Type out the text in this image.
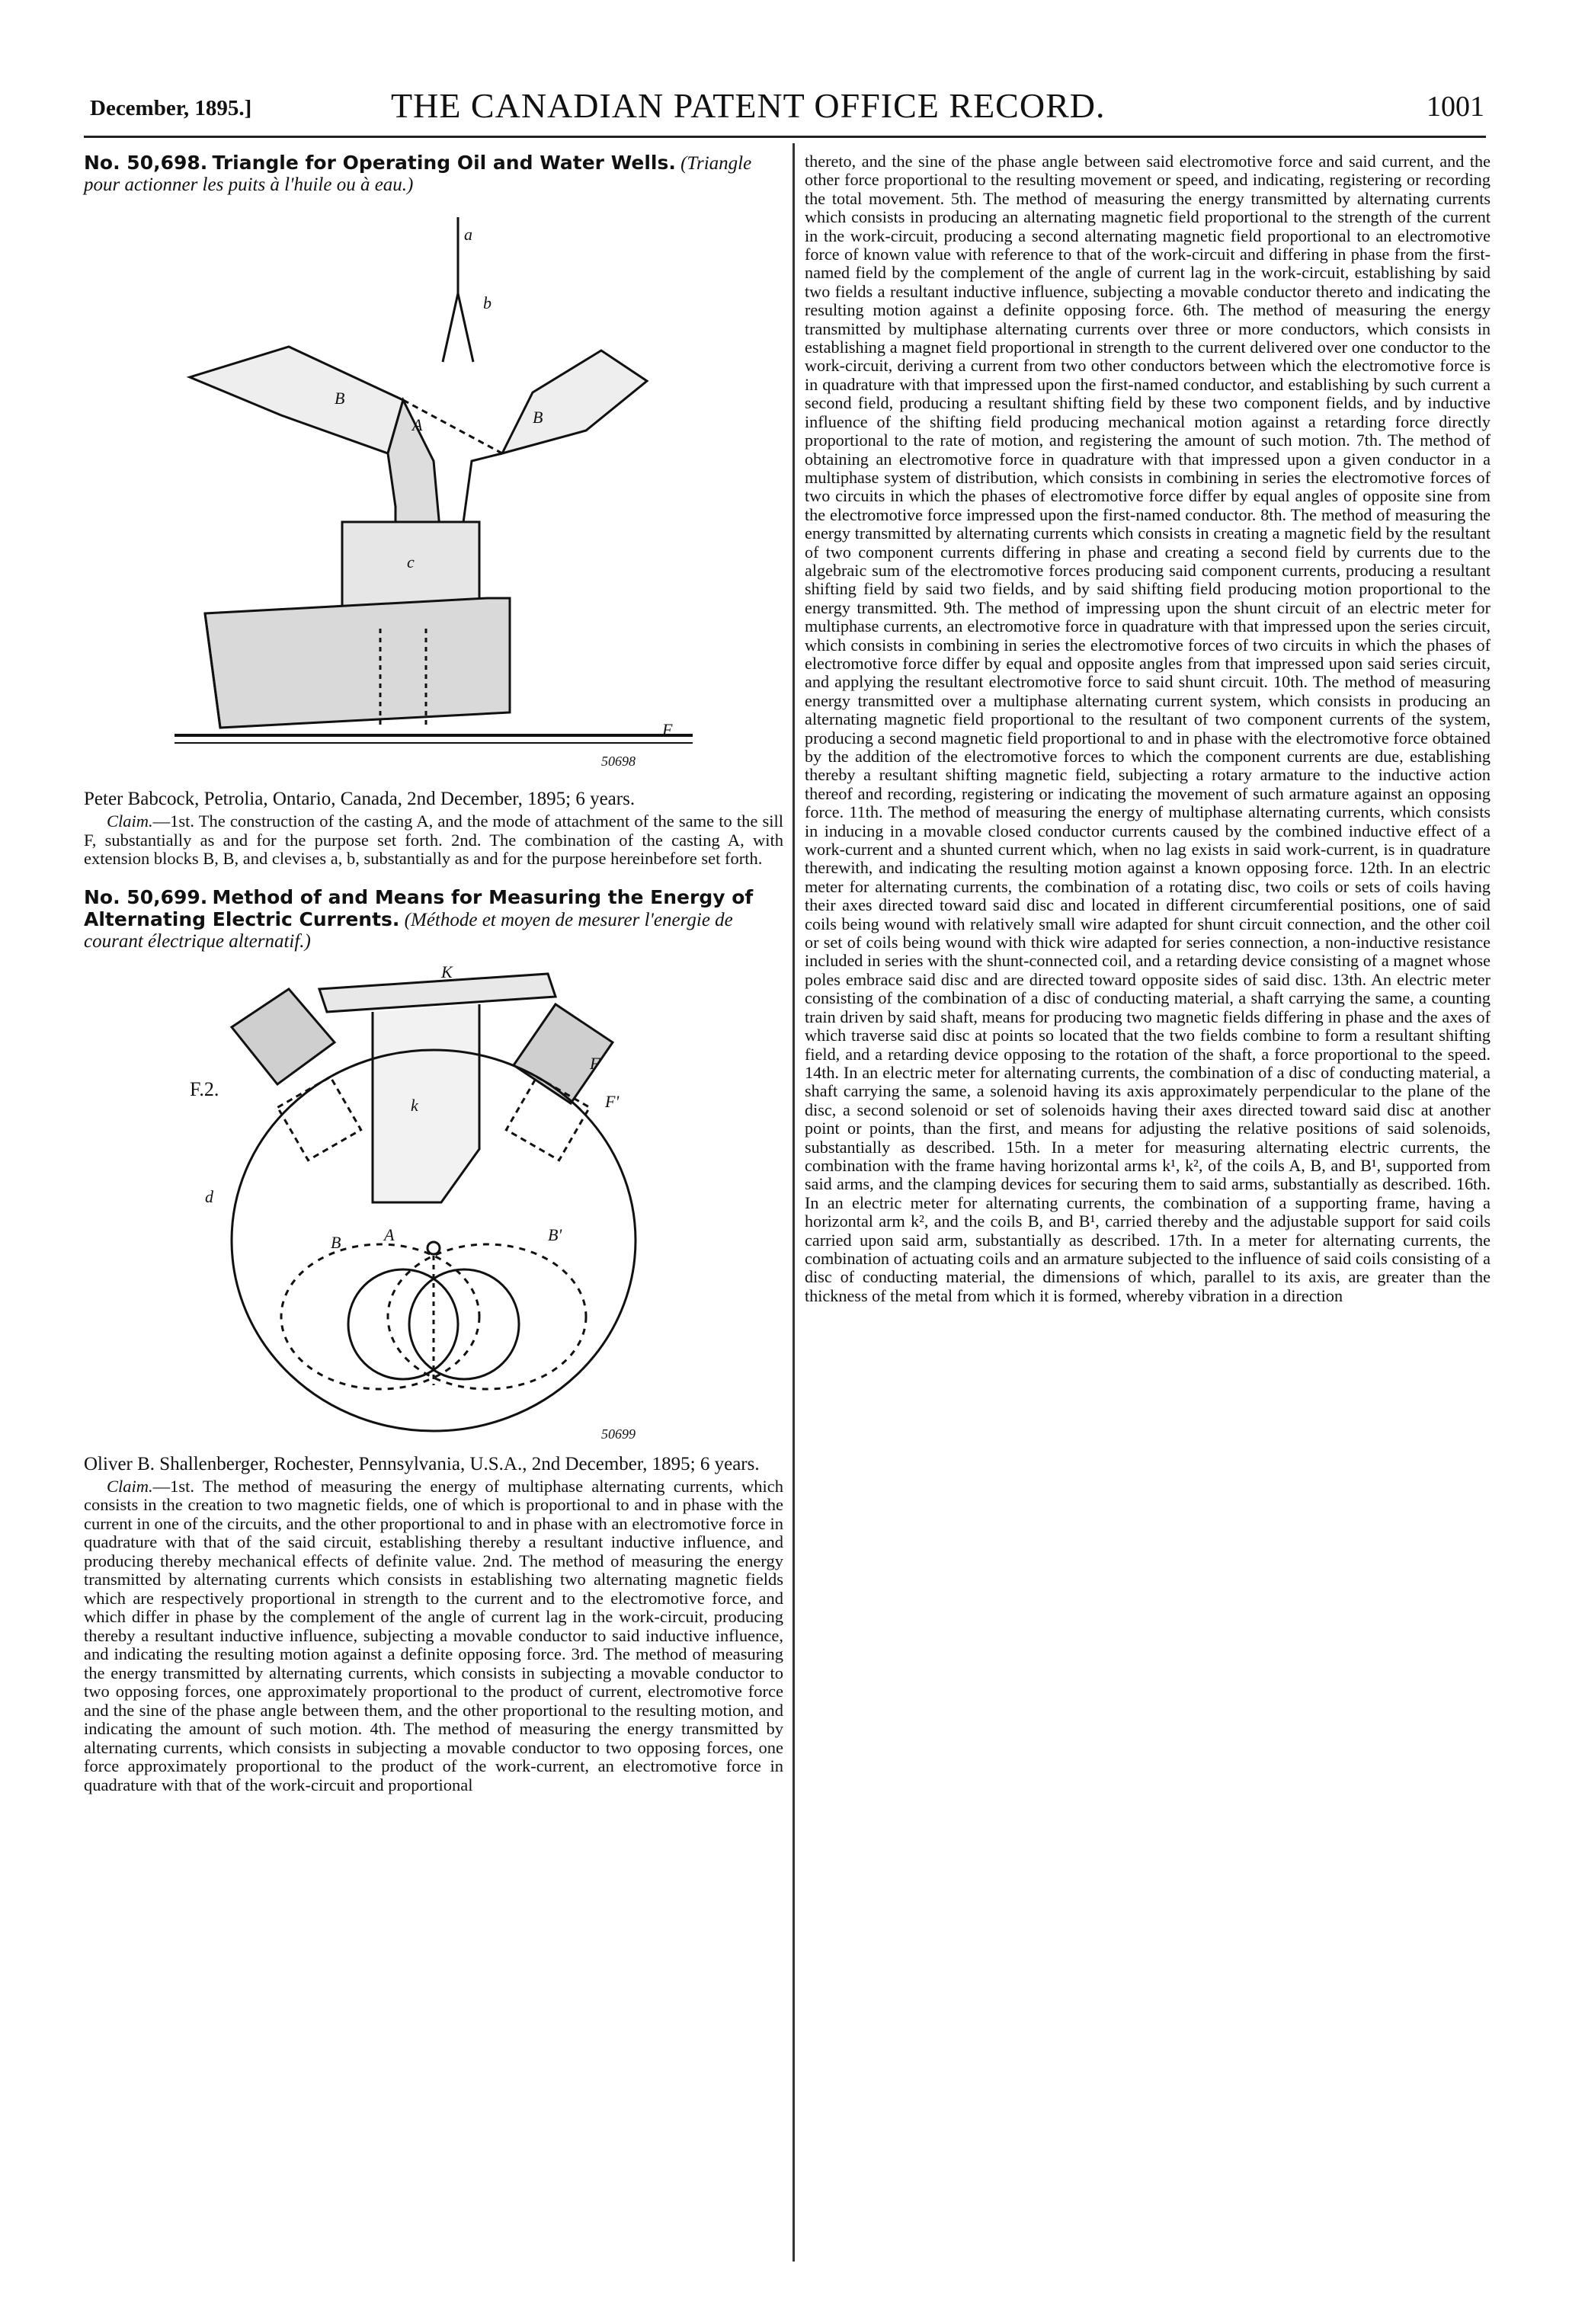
December, 1895.]	THE CANADIAN PATENT OFFICE RECORD.	1001

No. 50,698. Triangle for Operating Oil and Water Wells. (Triangle pour actionner les puits à l'huile ou à eau.)

a
b
B
A	B
c
F
50698

Peter Babcock, Petrolia, Ontario, Canada, 2nd December, 1895; 6 years.

Claim.—1st. The construction of the casting A, and the mode of attachment of the same to the sill F, substantially as and for the purpose set forth. 2nd. The combination of the casting A, with extension blocks B, B, and clevises a, b, substantially as and for the purpose hereinbefore set forth.

No. 50,699. Method of and Means for Measuring the Energy of Alternating Electric Currents. (Méthode et moyen de mesurer l'energie de courant électrique alternatif.)

K
k
F
F'
F.2.
B	A	B'
d
50699

Oliver B. Shallenberger, Rochester, Pennsylvania, U.S.A., 2nd December, 1895; 6 years.

Claim.—1st. The method of measuring the energy of multiphase alternating currents, which consists in the creation to two magnetic fields, one of which is proportional to and in phase with the current in one of the circuits, and the other proportional to and in phase with an electromotive force in quadrature with that of the said circuit, establishing thereby a resultant inductive influence, and producing thereby mechanical effects of definite value. 2nd. The method of measuring the energy transmitted by alternating currents which consists in establishing two alternating magnetic fields which are respectively proportional in strength to the current and to the electromotive force, and which differ in phase by the complement of the angle of current lag in the work-circuit, producing thereby a resultant inductive influence, subjecting a movable conductor to said inductive influence, and indicating the resulting motion against a definite opposing force. 3rd. The method of measuring the energy transmitted by alternating currents, which consists in subjecting a movable conductor to two opposing forces, one approximately proportional to the product of current, electromotive force and the sine of the phase angle between them, and the other proportional to the resulting motion, and indicating the amount of such motion. 4th. The method of measuring the energy transmitted by alternating currents, which consists in subjecting a movable conductor to two opposing forces, one force approximately proportional to the product of the work-current, an electromotive force in quadrature with that of the work-circuit and proportional

thereto, and the sine of the phase angle between said electromotive force and said current, and the other force proportional to the resulting movement or speed, and indicating, registering or recording the total movement. 5th. The method of measuring the energy transmitted by alternating currents which consists in producing an alternating magnetic field proportional to the strength of the current in the work-circuit, producing a second alternating magnetic field proportional to an electromotive force of known value with reference to that of the work-circuit and differing in phase from the first-named field by the complement of the angle of current lag in the work-circuit, establishing by said two fields a resultant inductive influence, subjecting a movable conductor thereto and indicating the resulting motion against a definite opposing force. 6th. The method of measuring the energy transmitted by multiphase alternating currents over three or more conductors, which consists in establishing a magnet field proportional in strength to the current delivered over one conductor to the work-circuit, deriving a current from two other conductors between which the electromotive force is in quadrature with that impressed upon the first-named conductor, and establishing by such current a second field, producing a resultant shifting field by these two component fields, and by inductive influence of the shifting field producing mechanical motion against a retarding force directly proportional to the rate of motion, and registering the amount of such motion. 7th. The method of obtaining an electromotive force in quadrature with that impressed upon a given conductor in a multiphase system of distribution, which consists in combining in series the electromotive forces of two circuits in which the phases of electromotive force differ by equal angles of opposite sine from the electromotive force impressed upon the first-named conductor. 8th. The method of measuring the energy transmitted by alternating currents which consists in creating a magnetic field by the resultant of two component currents differing in phase and creating a second field by currents due to the algebraic sum of the electromotive forces producing said component currents, producing a resultant shifting field by said two fields, and by said shifting field producing motion proportional to the energy transmitted. 9th. The method of impressing upon the shunt circuit of an electric meter for multiphase currents, an electromotive force in quadrature with that impressed upon the series circuit, which consists in combining in series the electromotive forces of two circuits in which the phases of electromotive force differ by equal and opposite angles from that impressed upon said series circuit, and applying the resultant electromotive force to said shunt circuit. 10th. The method of measuring energy transmitted over a multiphase alternating current system, which consists in producing an alternating magnetic field proportional to the resultant of two component currents of the system, producing a second magnetic field proportional to and in phase with the electromotive force obtained by the addition of the electromotive forces to which the component currents are due, establishing thereby a resultant shifting magnetic field, subjecting a rotary armature to the inductive action thereof and recording, registering or indicating the movement of such armature against an opposing force. 11th. The method of measuring the energy of multiphase alternating currents, which consists in inducing in a movable closed conductor currents caused by the combined inductive effect of a work-current and a shunted current which, when no lag exists in said work-current, is in quadrature therewith, and indicating the resulting motion against a known opposing force. 12th. In an electric meter for alternating currents, the combination of a rotating disc, two coils or sets of coils having their axes directed toward said disc and located in different circumferential positions, one of said coils being wound with relatively small wire adapted for shunt circuit connection, and the other coil or set of coils being wound with thick wire adapted for series connection, a non-inductive resistance included in series with the shunt-connected coil, and a retarding device consisting of a magnet whose poles embrace said disc and are directed toward opposite sides of said disc. 13th. An electric meter consisting of the combination of a disc of conducting material, a shaft carrying the same, a counting train driven by said shaft, means for producing two magnetic fields differing in phase and the axes of which traverse said disc at points so located that the two fields combine to form a resultant shifting field, and a retarding device opposing to the rotation of the shaft, a force proportional to the speed. 14th. In an electric meter for alternating currents, the combination of a disc of conducting material, a shaft carrying the same, a solenoid having its axis approximately perpendicular to the plane of the disc, a second solenoid or set of solenoids having their axes directed toward said disc at another point or points, than the first, and means for adjusting the relative positions of said solenoids, substantially as described. 15th. In a meter for measuring alternating electric currents, the combination with the frame having horizontal arms k¹, k², of the coils A, B, and B¹, supported from said arms, and the clamping devices for securing them to said arms, substantially as described. 16th. In an electric meter for alternating currents, the combination of a supporting frame, having a horizontal arm k², and the coils B, and B¹, carried thereby and the adjustable support for said coils carried upon said arm, substantially as described. 17th. In a meter for alternating currents, the combination of actuating coils and an armature subjected to the influence of said coils consisting of a disc of conducting material, the dimensions of which, parallel to its axis, are greater than the thickness of the metal from which it is formed, whereby vibration in a direction
